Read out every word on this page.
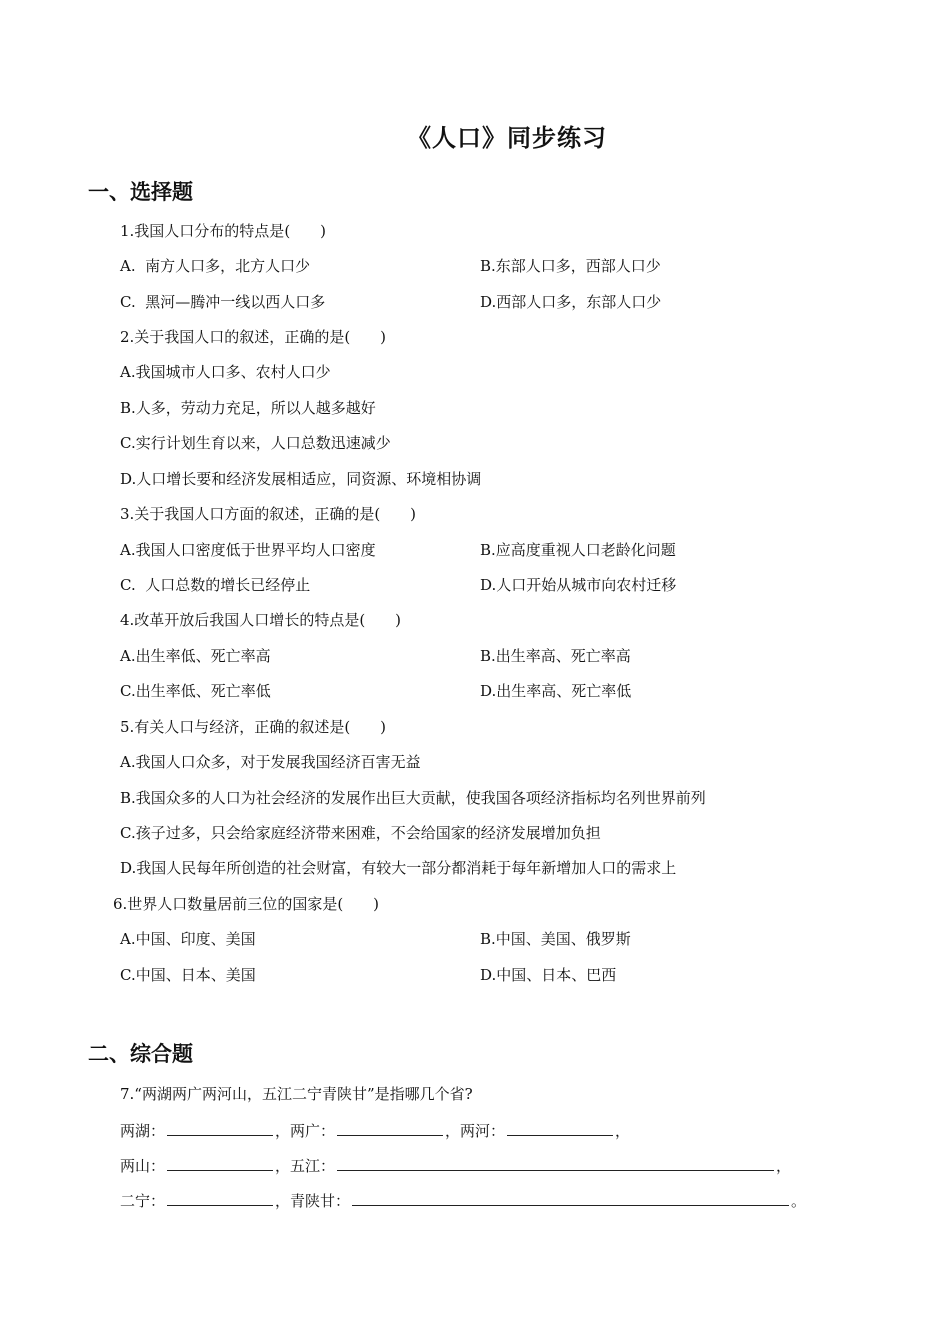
《人口》同步练习
一、选择题
1.我国人口分布的特点是(　　)
A.  南方人口多，北方人口少	B.东部人口多，西部人口少
C.  黑河—腾冲一线以西人口多	D.西部人口多，东部人口少
2.关于我国人口的叙述，正确的是(　　)
A.我国城市人口多、农村人口少
B.人多，劳动力充足，所以人越多越好
C.实行计划生育以来，人口总数迅速减少
D.人口增长要和经济发展相适应，同资源、环境相协调
3.关于我国人口方面的叙述，正确的是(　　)
A.我国人口密度低于世界平均人口密度	B.应高度重视人口老龄化问题
C.  人口总数的增长已经停止	D.人口开始从城市向农村迁移
4.改革开放后我国人口增长的特点是(　　)
A.出生率低、死亡率高	B.出生率高、死亡率高
C.出生率低、死亡率低	D.出生率高、死亡率低
5.有关人口与经济，正确的叙述是(　　)
A.我国人口众多，对于发展我国经济百害无益
B.我国众多的人口为社会经济的发展作出巨大贡献，使我国各项经济指标均名列世界前列
C.孩子过多，只会给家庭经济带来困难，不会给国家的经济发展增加负担
D.我国人民每年所创造的社会财富，有较大一部分都消耗于每年新增加人口的需求上
6.世界人口数量居前三位的国家是(　　)
A.中国、印度、美国	B.中国、美国、俄罗斯
C.中国、日本、美国	D.中国、日本、巴西
二、综合题
7.“两湖两广两河山，五江二宁青陕甘”是指哪几个省?
两湖：	，两广：	，两河：	，
两山：	，五江：	，
二宁：	，青陕甘：	。
